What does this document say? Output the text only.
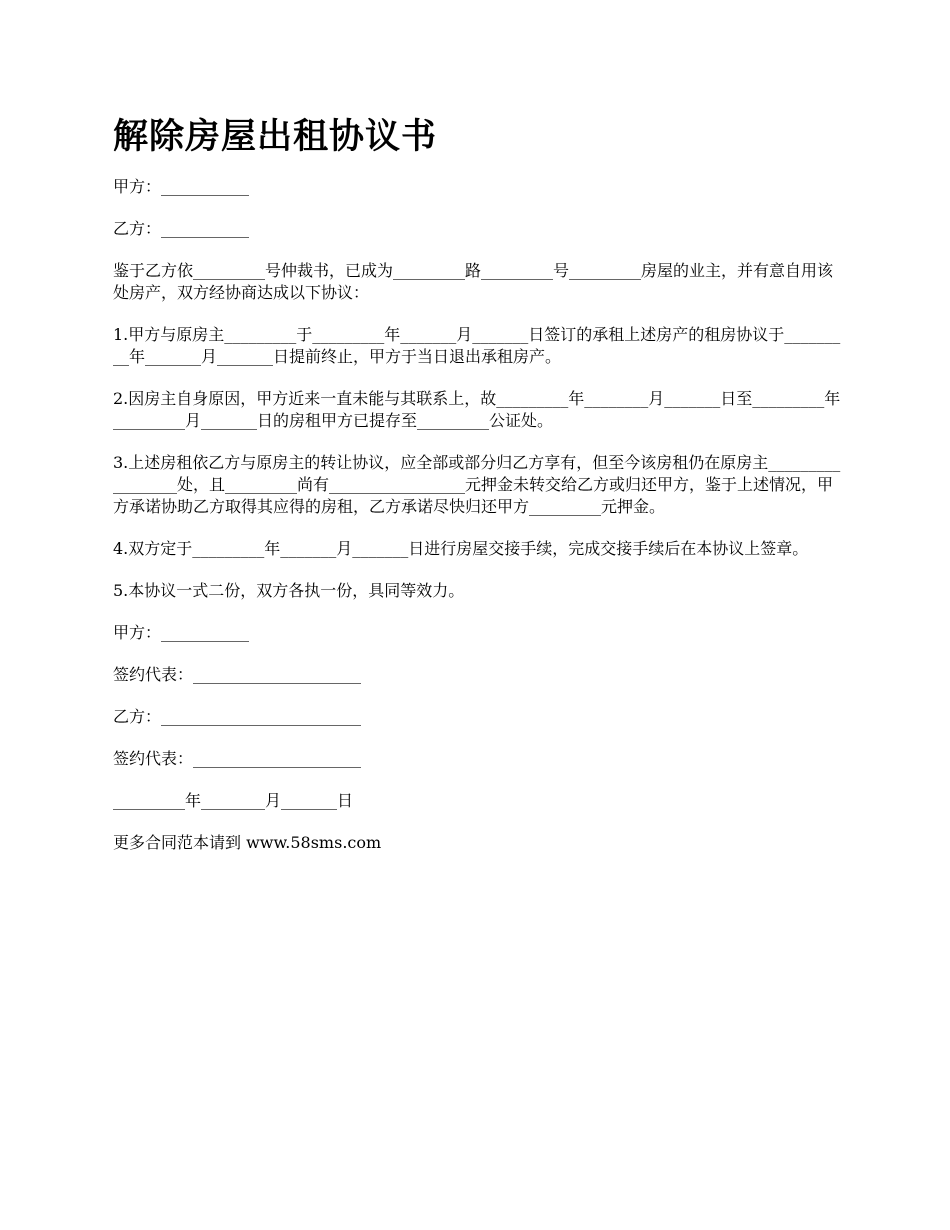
解除房屋出租协议书

甲方：___________

乙方：___________

鉴于乙方依_________号仲裁书，已成为_________路_________号_________房屋的业主，并有意自用该处房产，双方经协商达成以下协议：

1.甲方与原房主_________于_________年_______月_______日签订的承租上述房产的租房协议于_________年_______月_______日提前终止，甲方于当日退出承租房产。

2.因房主自身原因，甲方近来一直未能与其联系上，故_________年________月_______日至_________年_________月_______日的房租甲方已提存至_________公证处。

3.上述房租依乙方与原房主的转让协议，应全部或部分归乙方享有，但至今该房租仍在原房主_________________处，且_________尚有_________________元押金未转交给乙方或归还甲方，鉴于上述情况，甲方承诺协助乙方取得其应得的房租，乙方承诺尽快归还甲方_________元押金。

4.双方定于_________年_______月_______日进行房屋交接手续，完成交接手续后在本协议上签章。

5.本协议一式二份，双方各执一份，具同等效力。

甲方：___________

签约代表：_____________________

乙方：_________________________

签约代表：_____________________

_________年________月_______日

更多合同范本请到 www.58sms.com
